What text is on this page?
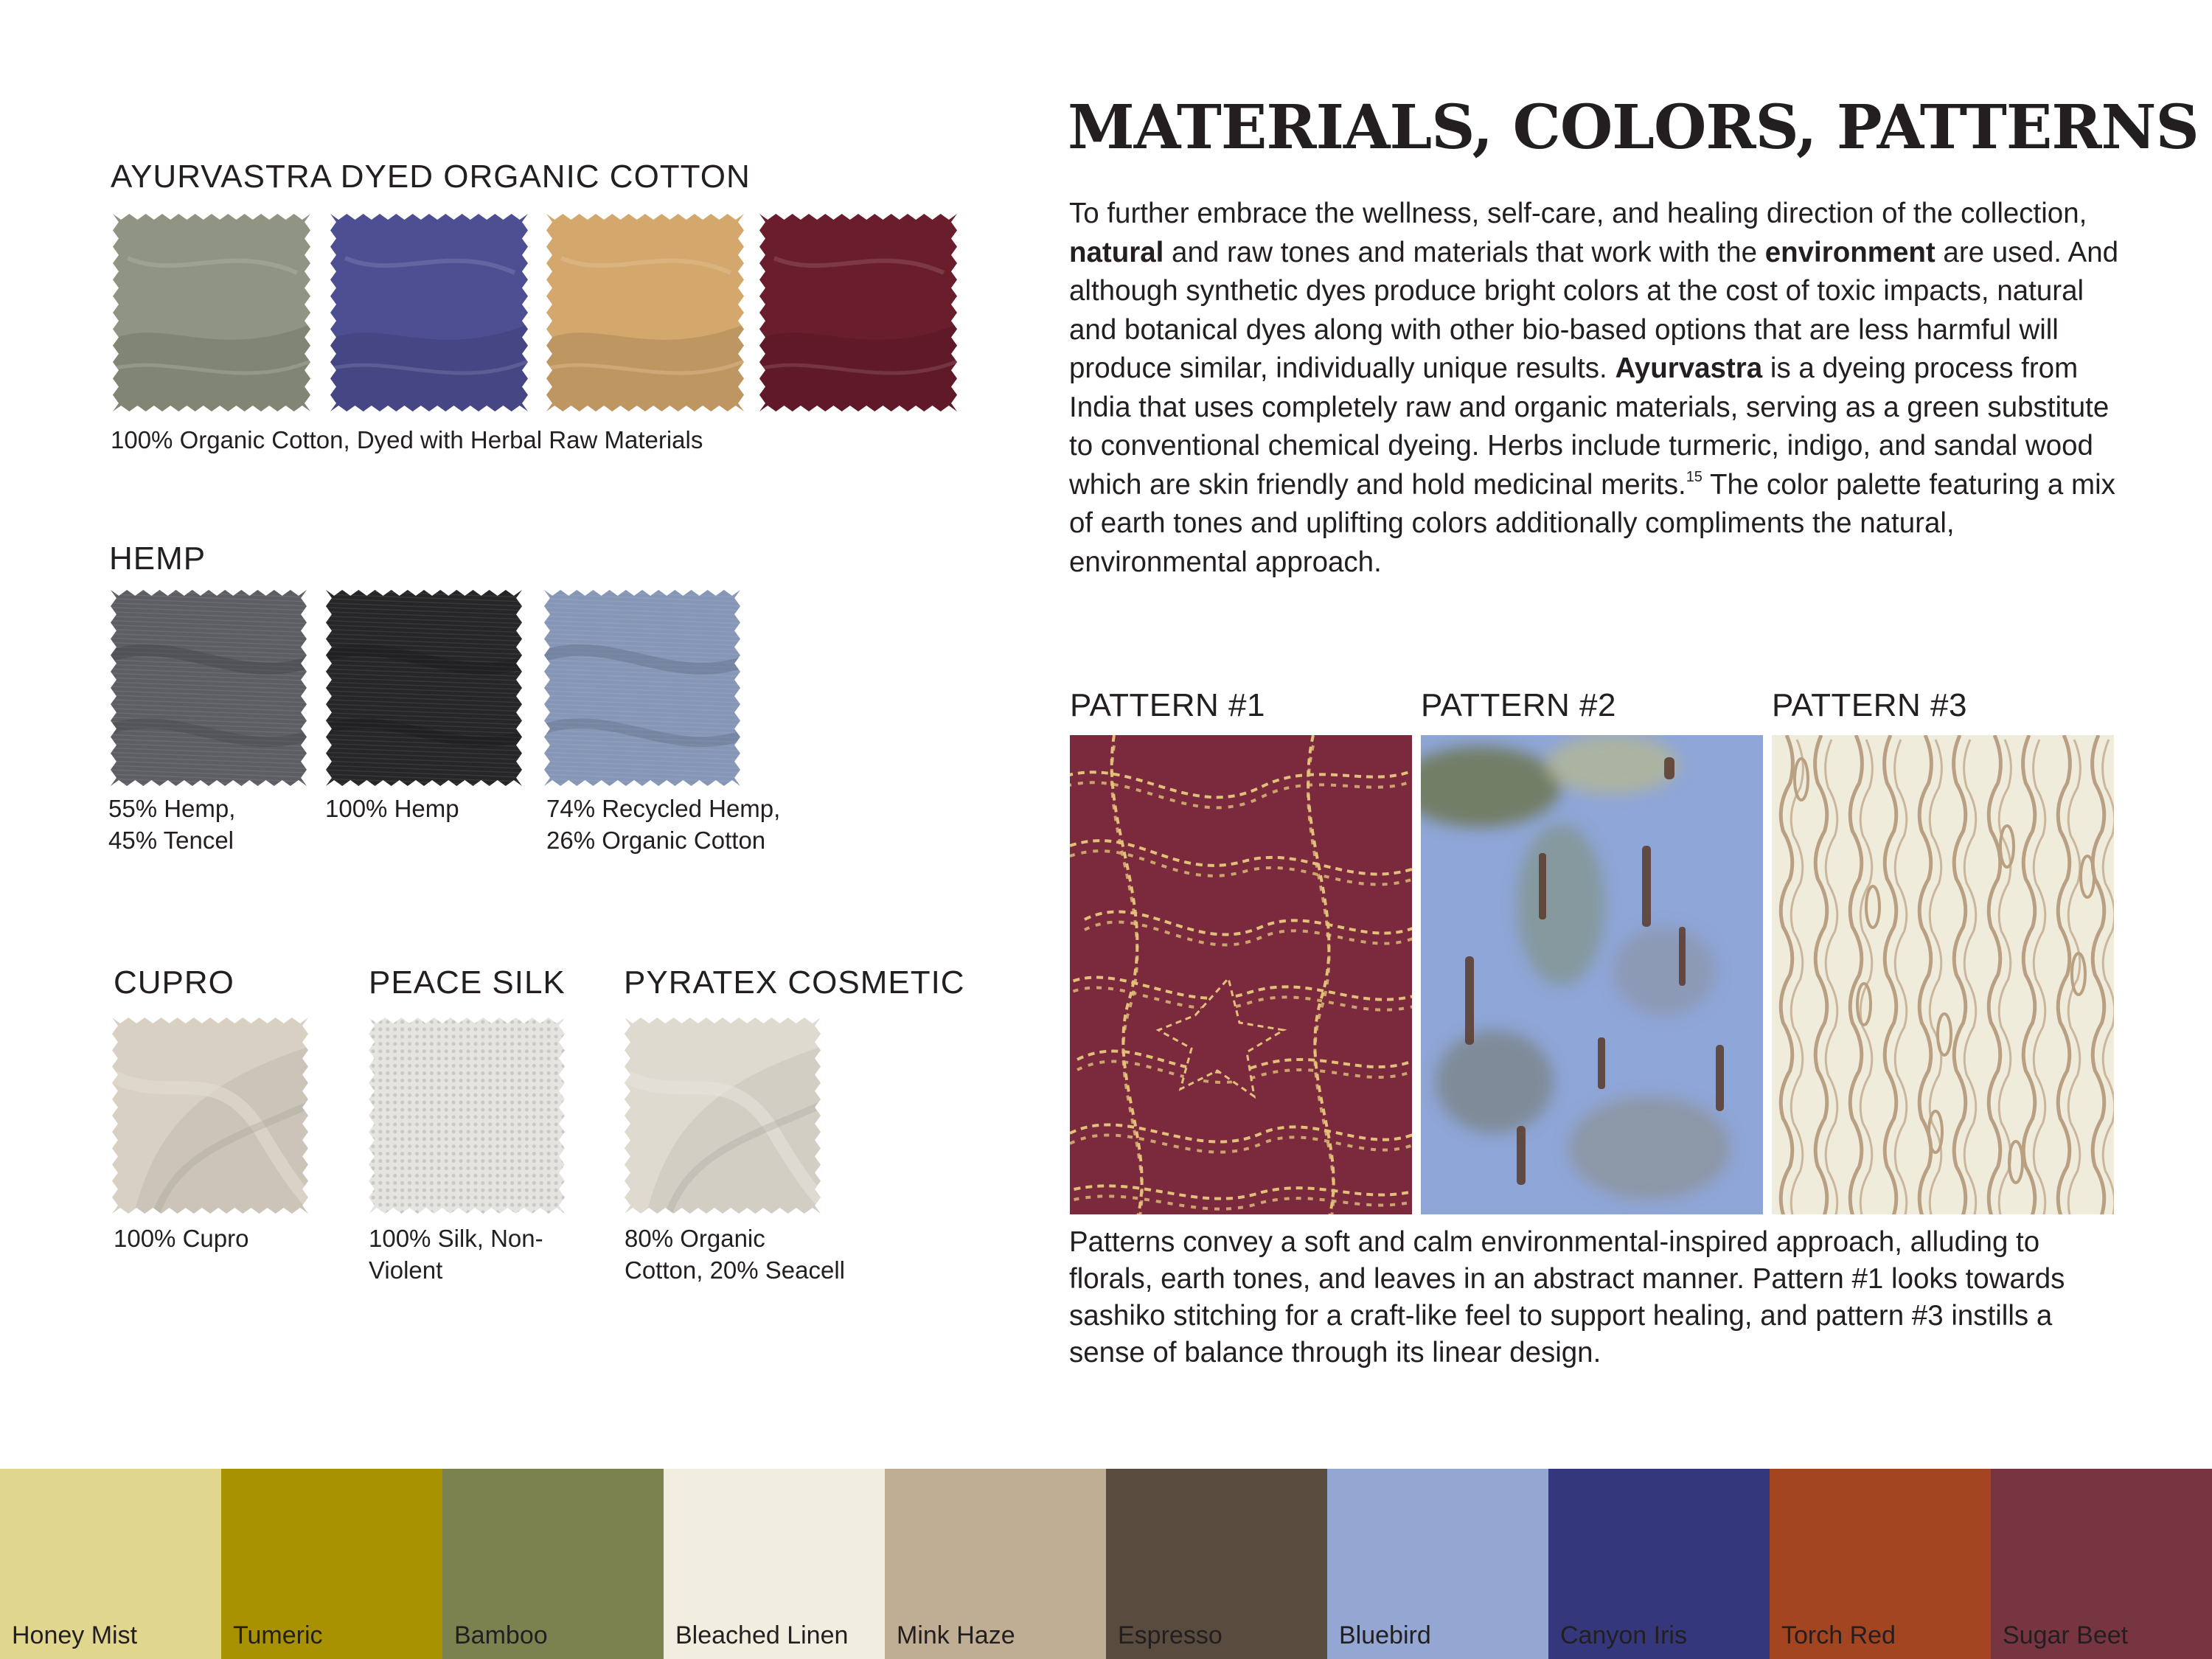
MATERIALS, COLORS, PATTERNS
To further embrace the wellness, self-care, and healing direction of the collection, natural and raw tones and materials that work with the environment are used. And although synthetic dyes produce bright colors at the cost of toxic impacts, natural and botanical dyes along with other bio-based options that are less harmful will produce similar, individually unique results. Ayurvastra is a dyeing process from India that uses completely raw and organic materials, serving as a green substitute to conventional chemical dyeing. Herbs include turmeric, indigo, and sandal wood which are skin friendly and hold medicinal merits.$^{15}$ The color palette featuring a mix of earth tones and uplifting colors additionally compliments the natural, environmental approach.
AYURVASTRA DYED ORGANIC COTTON
100% Organic Cotton, Dyed with Herbal Raw Materials
HEMP
55% Hemp,
45% Tencel
100% Hemp	74% Recycled Hemp,
26% Organic Cotton
CUPRO	PEACE SILK PYRATEX COSMETIC
100% Cupro	100% Silk, Non-
Violent
80% Organic
Cotton, 20% Seacell
PATTERN #1	PATTERN #2	PATTERN #3
Patterns convey a soft and calm environmental-inspired approach, alluding to florals, earth tones, and leaves in an abstract manner. Pattern #1 looks towards sashiko stitching for a craft-like feel to support healing, and pattern #3 instills a sense of balance through its linear design.
Honey Mist	Tumeric	Bamboo	Bleached Linen Mink Haze	Espresso	Bluebird	Canyon Iris	Torch Red	Sugar Beet
